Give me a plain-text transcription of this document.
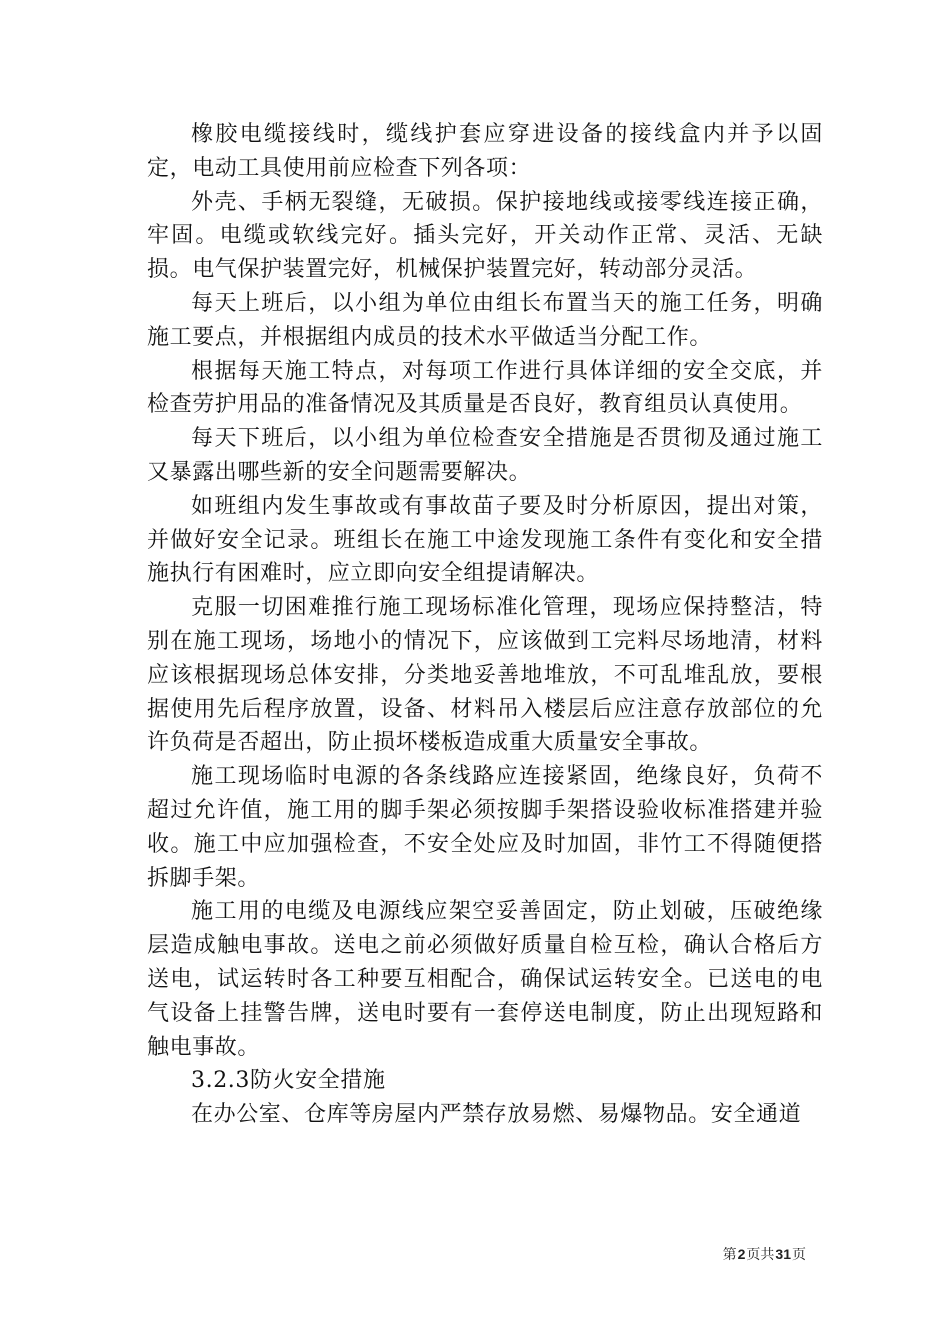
橡胶电缆接线时，缆线护套应穿进设备的接线盒内并予以固定，电动工具使用前应检查下列各项：

外壳、手柄无裂缝，无破损。保护接地线或接零线连接正确，牢固。电缆或软线完好。插头完好，开关动作正常、灵活、无缺损。电气保护装置完好，机械保护装置完好，转动部分灵活。

每天上班后，以小组为单位由组长布置当天的施工任务，明确施工要点，并根据组内成员的技术水平做适当分配工作。

根据每天施工特点，对每项工作进行具体详细的安全交底，并检查劳护用品的准备情况及其质量是否良好，教育组员认真使用。

每天下班后，以小组为单位检查安全措施是否贯彻及通过施工又暴露出哪些新的安全问题需要解决。

如班组内发生事故或有事故苗子要及时分析原因，提出对策，并做好安全记录。班组长在施工中途发现施工条件有变化和安全措施执行有困难时，应立即向安全组提请解决。

克服一切困难推行施工现场标准化管理，现场应保持整洁，特别在施工现场，场地小的情况下，应该做到工完料尽场地清，材料应该根据现场总体安排，分类地妥善地堆放，不可乱堆乱放，要根据使用先后程序放置，设备、材料吊入楼层后应注意存放部位的允许负荷是否超出，防止损坏楼板造成重大质量安全事故。

施工现场临时电源的各条线路应连接紧固，绝缘良好，负荷不超过允许值，施工用的脚手架必须按脚手架搭设验收标准搭建并验收。施工中应加强检查，不安全处应及时加固，非竹工不得随便搭拆脚手架。

施工用的电缆及电源线应架空妥善固定，防止划破，压破绝缘层造成触电事故。送电之前必须做好质量自检互检，确认合格后方送电，试运转时各工种要互相配合，确保试运转安全。已送电的电气设备上挂警告牌，送电时要有一套停送电制度，防止出现短路和触电事故。

3.2.3防火安全措施

在办公室、仓库等房屋内严禁存放易燃、易爆物品。安全通道

第2页共31页
